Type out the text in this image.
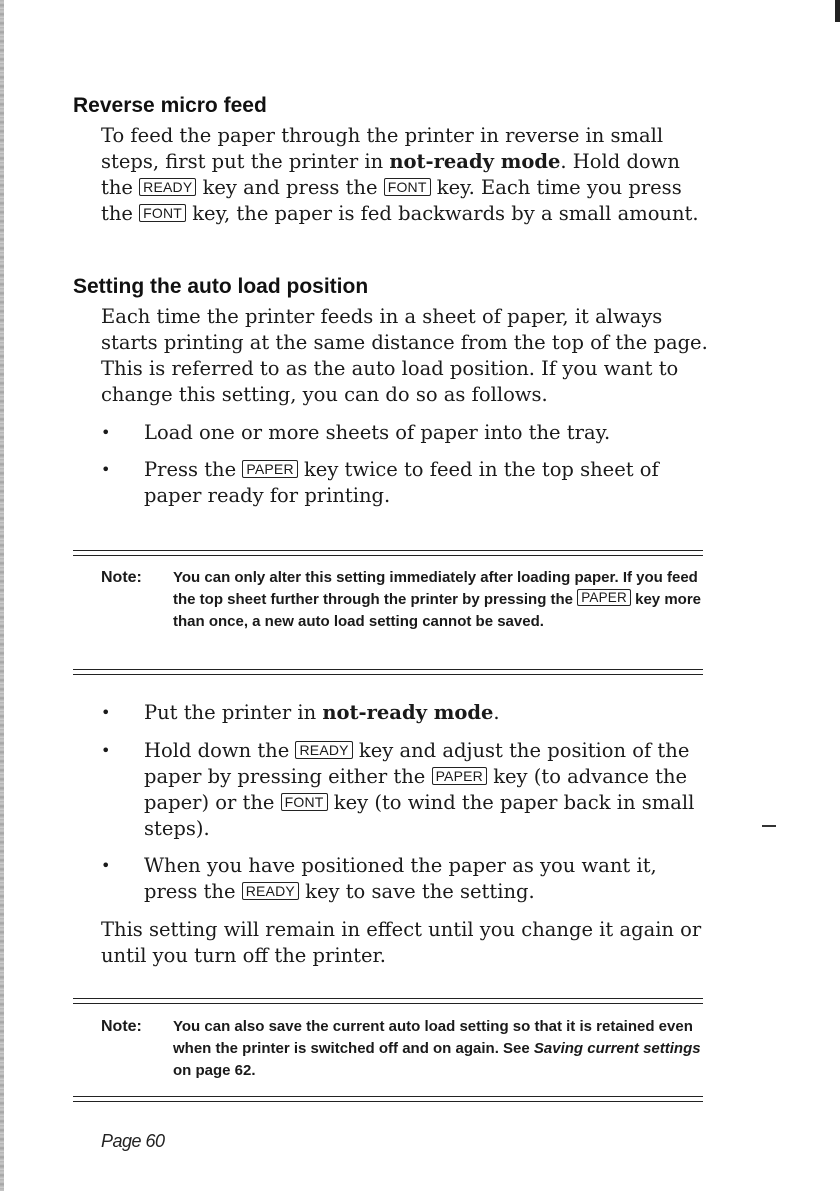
Reverse micro feed

To feed the paper through the printer in reverse in small steps, first put the printer in not-ready mode. Hold down the READY key and press the FONT key. Each time you press the FONT key, the paper is fed backwards by a small amount.

Setting the auto load position

Each time the printer feeds in a sheet of paper, it always starts printing at the same distance from the top of the page. This is referred to as the auto load position. If you want to change this setting, you can do so as follows.

• Load one or more sheets of paper into the tray.

• Press the PAPER key twice to feed in the top sheet of paper ready for printing.

Note: You can only alter this setting immediately after loading paper. If you feed the top sheet further through the printer by pressing the PAPER key more than once, a new auto load setting cannot be saved.

• Put the printer in not-ready mode.

• Hold down the READY key and adjust the position of the paper by pressing either the PAPER key (to advance the paper) or the FONT key (to wind the paper back in small steps).

• When you have positioned the paper as you want it, press the READY key to save the setting.

This setting will remain in effect until you change it again or until you turn off the printer.

Note: You can also save the current auto load setting so that it is retained even when the printer is switched off and on again. See Saving current settings on page 62.

Page 60
